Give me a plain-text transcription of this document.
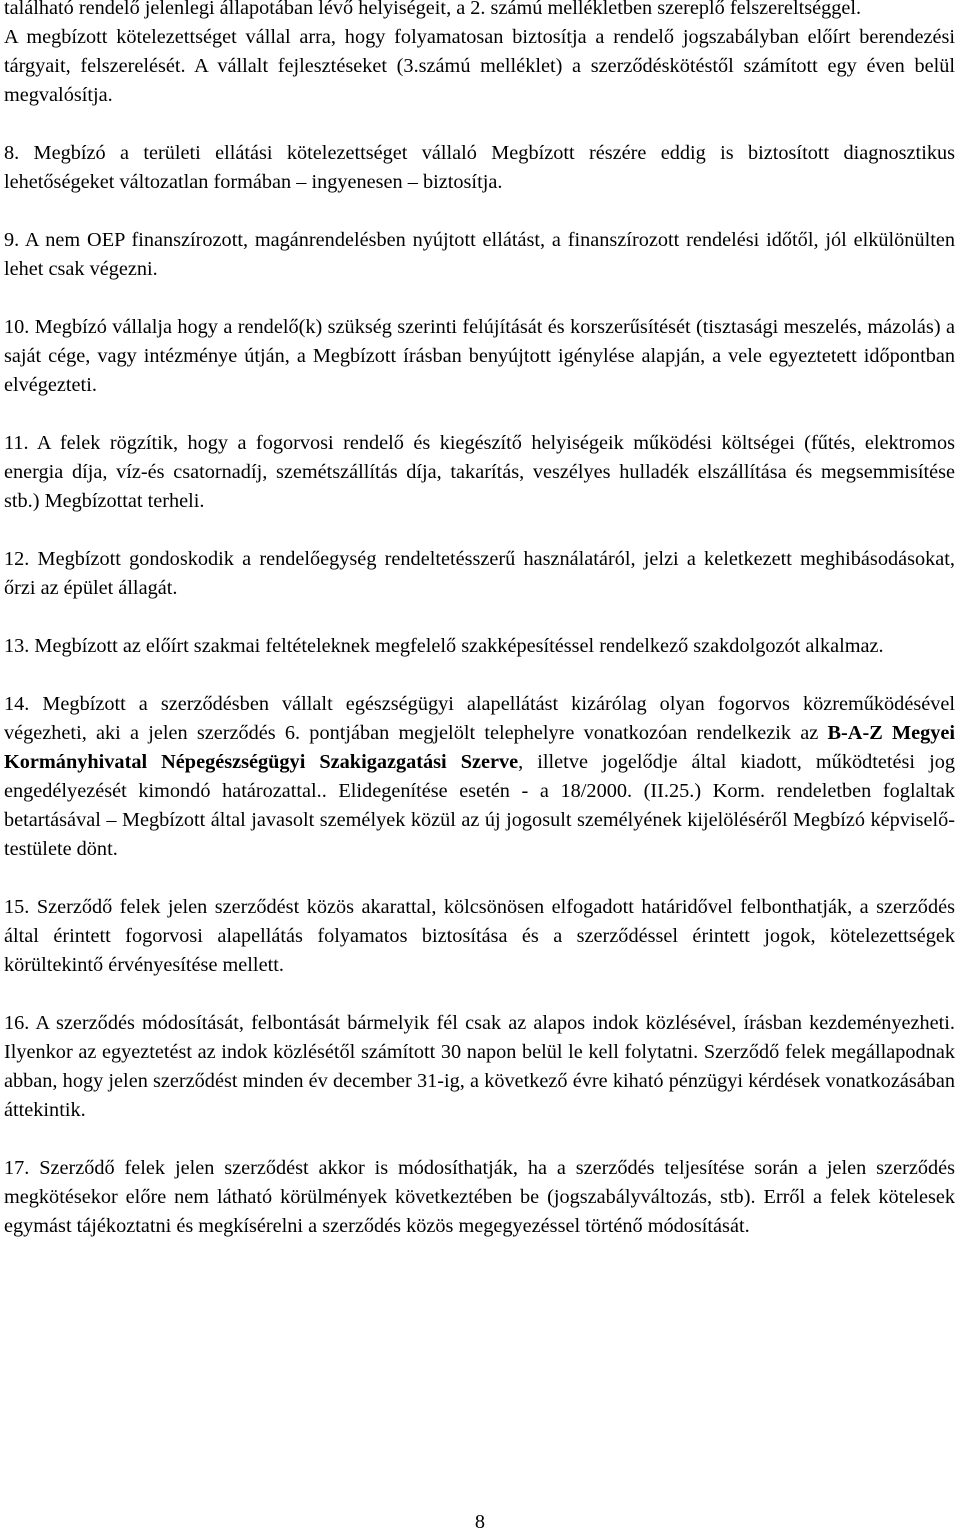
található rendelő jelenlegi állapotában lévő helyiségeit, a 2. számú mellékletben szereplő felszereltséggel.

A megbízott kötelezettséget vállal arra, hogy folyamatosan biztosítja a rendelő jogszabályban előírt berendezési tárgyait, felszerelését. A vállalt fejlesztéseket (3.számú melléklet) a szerződéskötéstől számított egy éven belül megvalósítja.

8. Megbízó a területi ellátási kötelezettséget vállaló Megbízott részére eddig is biztosított diagnosztikus lehetőségeket változatlan formában – ingyenesen – biztosítja.

9. A nem OEP finanszírozott, magánrendelésben nyújtott ellátást, a finanszírozott rendelési időtől, jól elkülönülten lehet csak végezni.

10. Megbízó vállalja hogy a rendelő(k) szükség szerinti felújítását és korszerűsítését (tisztasági meszelés, mázolás) a saját cége, vagy intézménye útján, a Megbízott írásban benyújtott igénylése alapján, a vele egyeztetett időpontban elvégezteti.

11. A felek rögzítik, hogy a fogorvosi rendelő és kiegészítő helyiségeik működési költségei (fűtés, elektromos energia díja, víz-és csatornadíj, szemétszállítás díja, takarítás, veszélyes hulladék elszállítása és megsemmisítése stb.) Megbízottat terheli.

12. Megbízott gondoskodik a rendelőegység rendeltetésszerű használatáról, jelzi a keletkezett meghibásodásokat, őrzi az épület állagát.

13. Megbízott az előírt szakmai feltételeknek megfelelő szakképesítéssel rendelkező szakdolgozót alkalmaz.

14. Megbízott a szerződésben vállalt egészségügyi alapellátást kizárólag olyan fogorvos közreműködésével végezheti, aki a jelen szerződés 6. pontjában megjelölt telephelyre vonatkozóan rendelkezik az B-A-Z Megyei Kormányhivatal Népegészségügyi Szakigazgatási Szerve, illetve jogelődje által kiadott, működtetési jog engedélyezését kimondó határozattal.. Elidegenítése esetén - a 18/2000. (II.25.) Korm. rendeletben foglaltak betartásával – Megbízott által javasolt személyek közül az új jogosult személyének kijelöléséről Megbízó képviselő-testülete dönt.

15. Szerződő felek jelen szerződést közös akarattal, kölcsönösen elfogadott határidővel felbonthatják, a szerződés által érintett fogorvosi alapellátás folyamatos biztosítása és a szerződéssel érintett jogok, kötelezettségek körültekintő érvényesítése mellett.

16. A szerződés módosítását, felbontását bármelyik fél csak az alapos indok közlésével, írásban kezdeményezheti. Ilyenkor az egyeztetést az indok közlésétől számított 30 napon belül le kell folytatni. Szerződő felek megállapodnak abban, hogy jelen szerződést minden év december 31-ig, a következő évre kiható pénzügyi kérdések vonatkozásában áttekintik.

17. Szerződő felek jelen szerződést akkor is módosíthatják, ha a szerződés teljesítése során a jelen szerződés megkötésekor előre nem látható körülmények következtében be (jogszabályváltozás, stb). Erről a felek kötelesek egymást tájékoztatni és megkísérelni a szerződés közös megegyezéssel történő módosítását.

8
